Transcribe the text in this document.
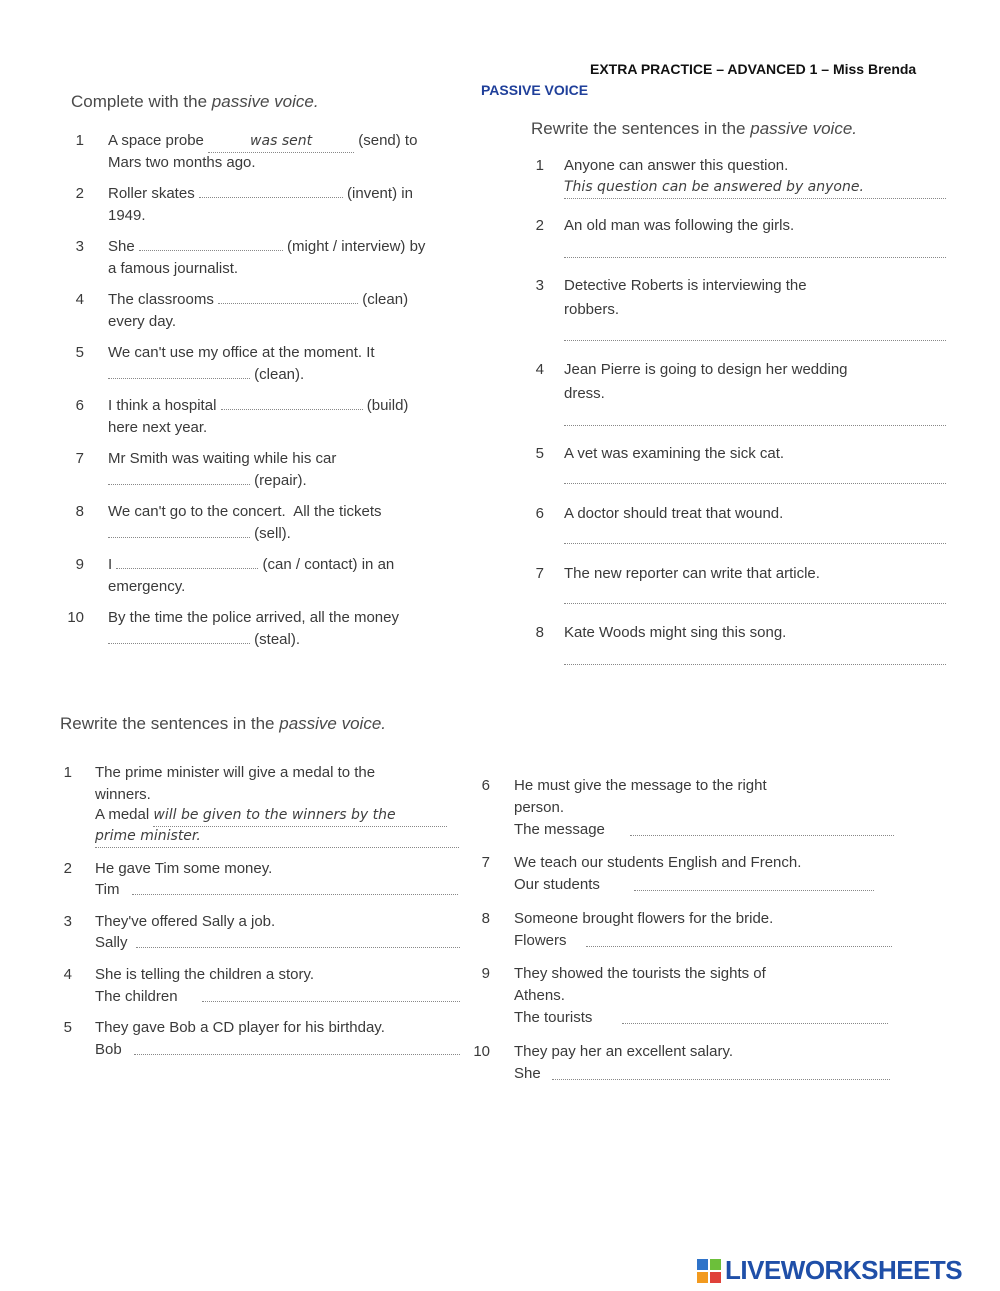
EXTRA PRACTICE – ADVANCED 1 – Miss Brenda
PASSIVE VOICE
Complete with the passive voice.
1 A space probe	was sent	(send) to
Mars two months ago.
2 Roller skates	(invent) in
1949.
3 She	(might / interview) by
a famous journalist.
4 The classrooms	(clean)
every day.
5 We can't use my office at the moment. It
(clean).
6 I think a hospital	(build)
here next year.
7 Mr Smith was waiting while his car
(repair).
8 We can't go to the concert.  All the tickets
(sell).
9 I	(can / contact) in an
emergency.
10 By the time the police arrived, all the money
(steal).
Rewrite the sentences in the passive voice.
1 Anyone can answer this question.
This question can be answered by anyone.
2 An old man was following the girls.
3 Detective Roberts is interviewing the
robbers.
4 Jean Pierre is going to design her wedding
dress.
5 A vet was examining the sick cat.
6 A doctor should treat that wound.
7 The new reporter can write that article.
8 Kate Woods might sing this song.
Rewrite the sentences in the passive voice.
1 The prime minister will give a medal to the
winners.
A medal will be given to the winners by the
prime minister.
2 He gave Tim some money.
Tim
3 They've offered Sally a job.
Sally
4 She is telling the children a story.
The children
5 They gave Bob a CD player for his birthday.
Bob
6 He must give the message to the right
person.
The message
7 We teach our students English and French.
Our students
8 Someone brought flowers for the bride.
Flowers
9 They showed the tourists the sights of
Athens.
The tourists
10 They pay her an excellent salary.
She
LIVEWORKSHEETS
